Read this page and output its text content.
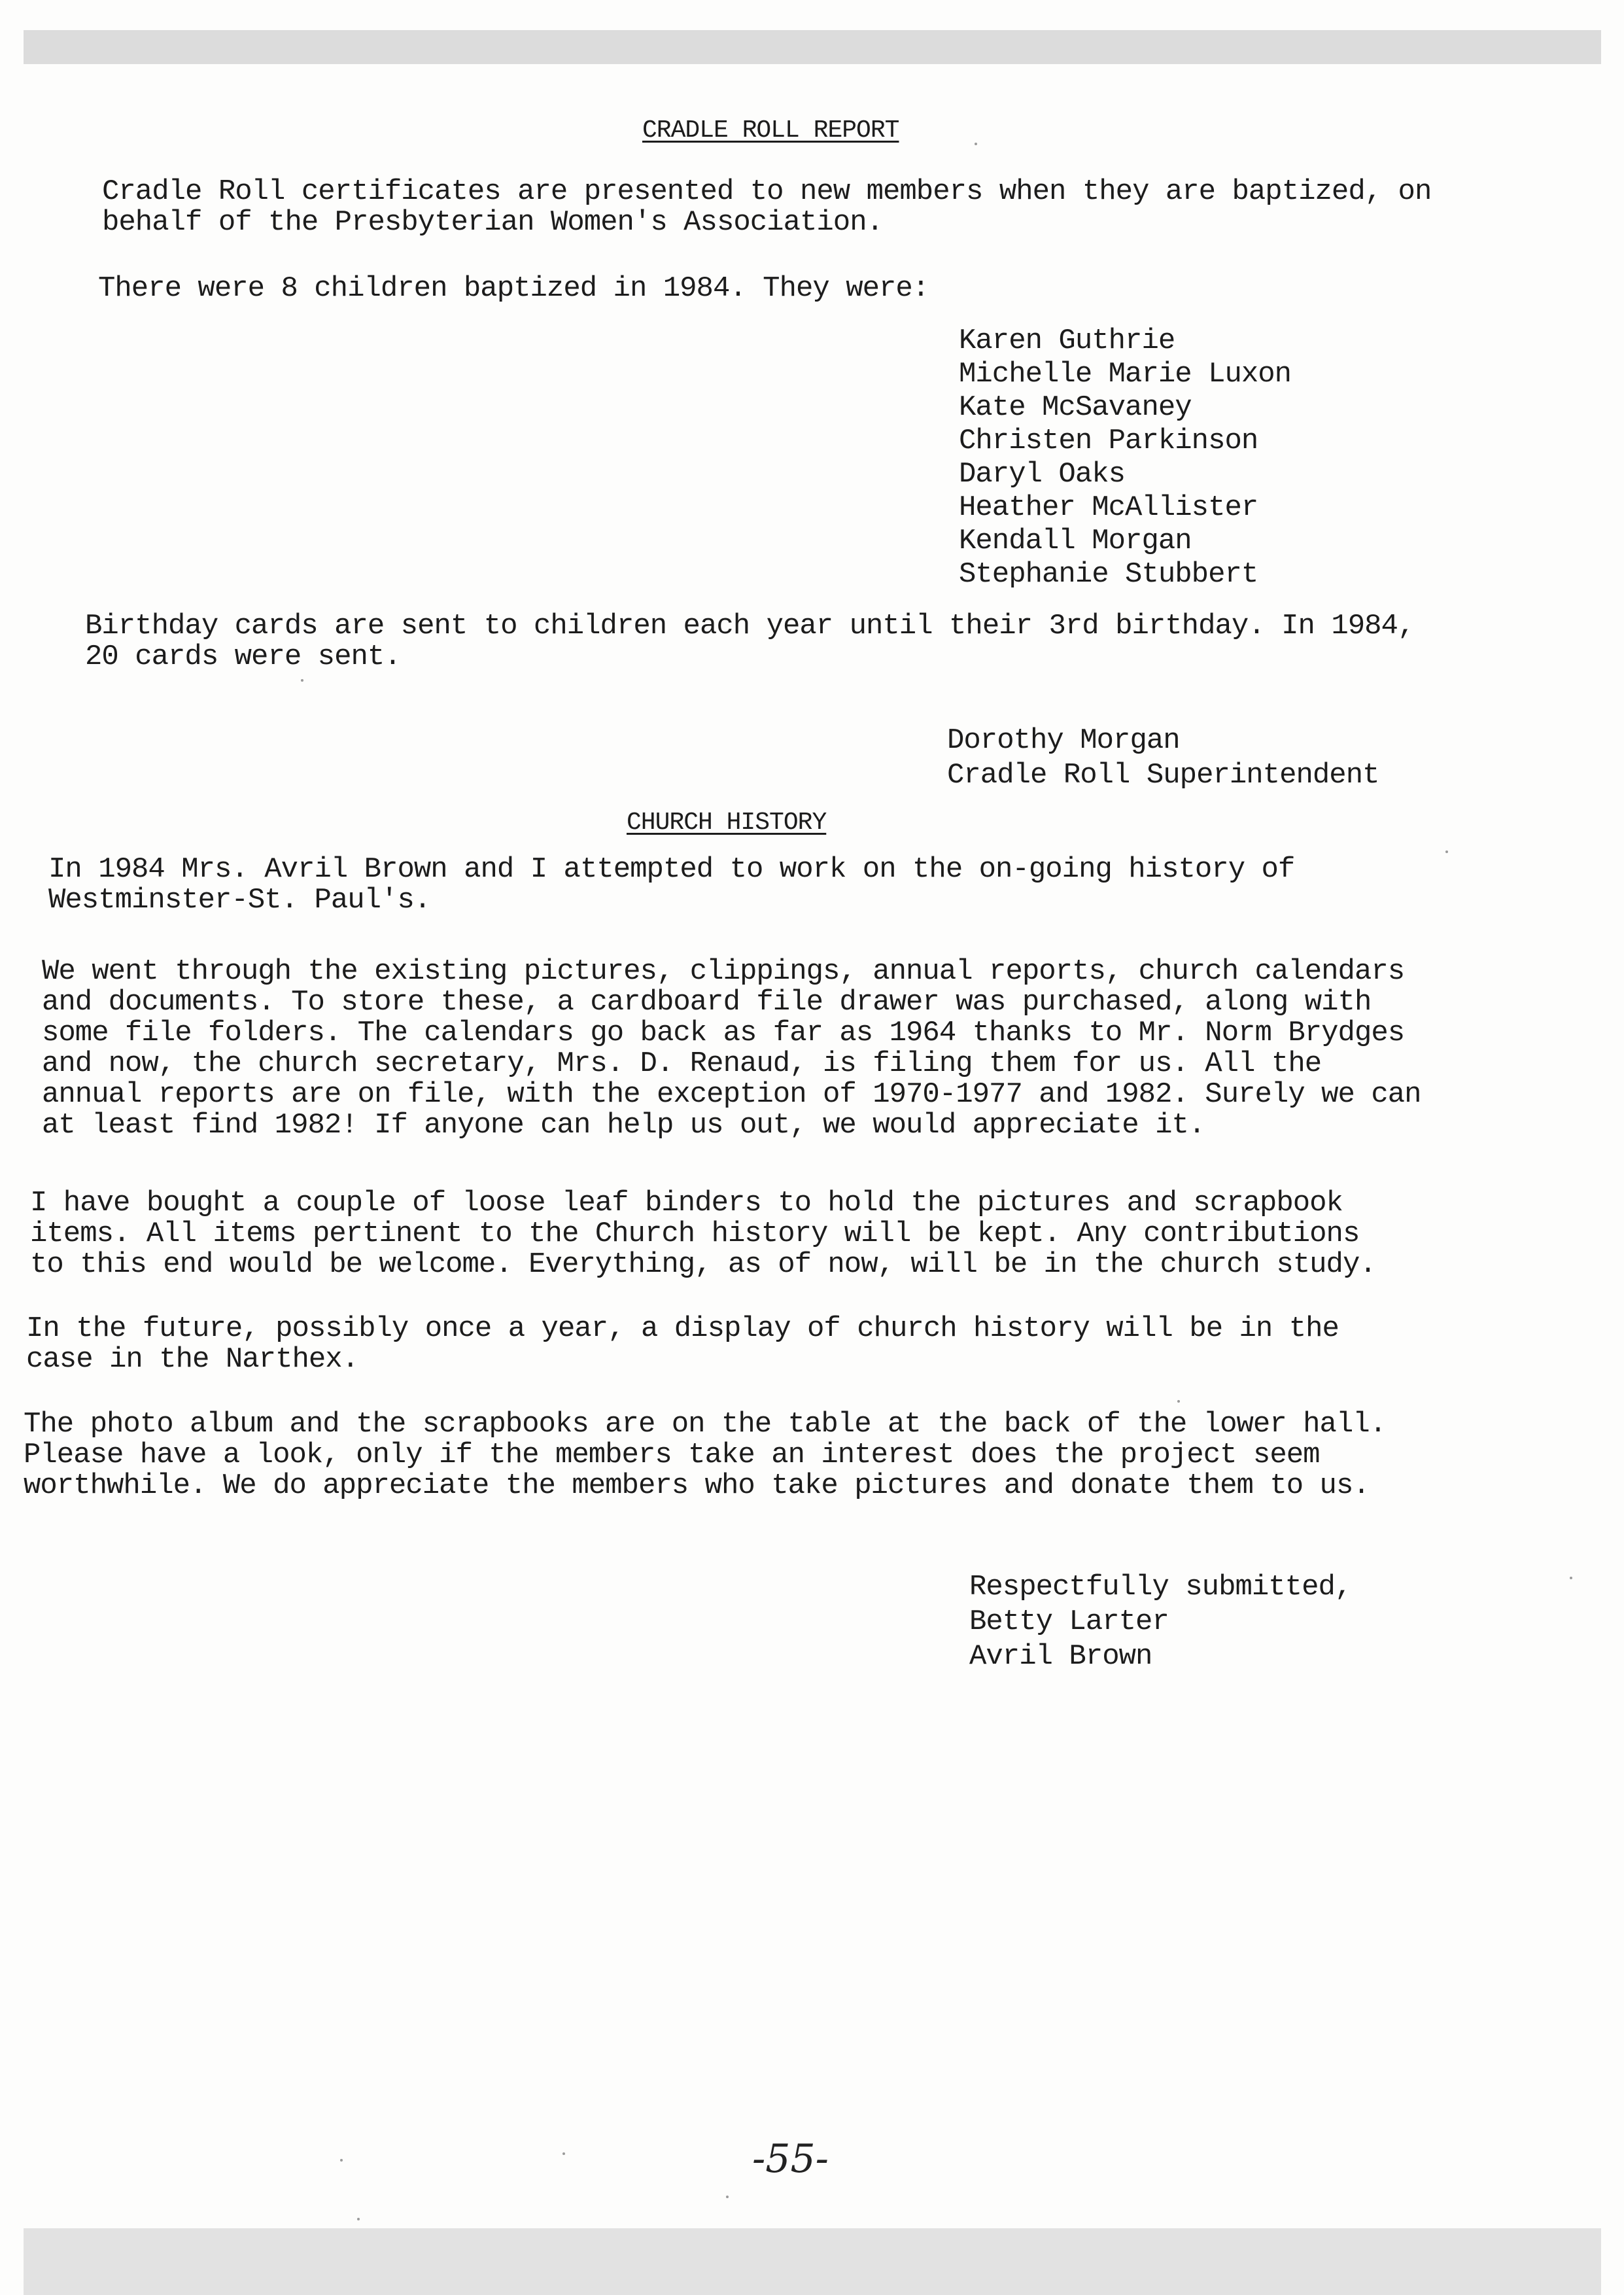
CRADLE ROLL REPORT
Cradle Roll certificates are presented to new members when they are baptized, on
behalf of the Presbyterian Women's Association.
There were 8 children baptized in 1984. They were:
Karen Guthrie
Michelle Marie Luxon
Kate McSavaney
Christen Parkinson
Daryl Oaks
Heather McAllister
Kendall Morgan
Stephanie Stubbert
Birthday cards are sent to children each year until their 3rd birthday. In 1984,
20 cards were sent.
Dorothy Morgan
Cradle Roll Superintendent
CHURCH HISTORY
In 1984 Mrs. Avril Brown and I attempted to work on the on-going history of
Westminster-St. Paul's.
We went through the existing pictures, clippings, annual reports, church calendars
and documents. To store these, a cardboard file drawer was purchased, along with
some file folders. The calendars go back as far as 1964 thanks to Mr. Norm Brydges
and now, the church secretary, Mrs. D. Renaud, is filing them for us. All the
annual reports are on file, with the exception of 1970-1977 and 1982. Surely we can
at least find 1982! If anyone can help us out, we would appreciate it.
I have bought a couple of loose leaf binders to hold the pictures and scrapbook
items. All items pertinent to the Church history will be kept. Any contributions
to this end would be welcome. Everything, as of now, will be in the church study.
In the future, possibly once a year, a display of church history will be in the
case in the Narthex.
The photo album and the scrapbooks are on the table at the back of the lower hall.
Please have a look, only if the members take an interest does the project seem
worthwhile. We do appreciate the members who take pictures and donate them to us.
Respectfully submitted,
Betty Larter
Avril Brown
-55-
